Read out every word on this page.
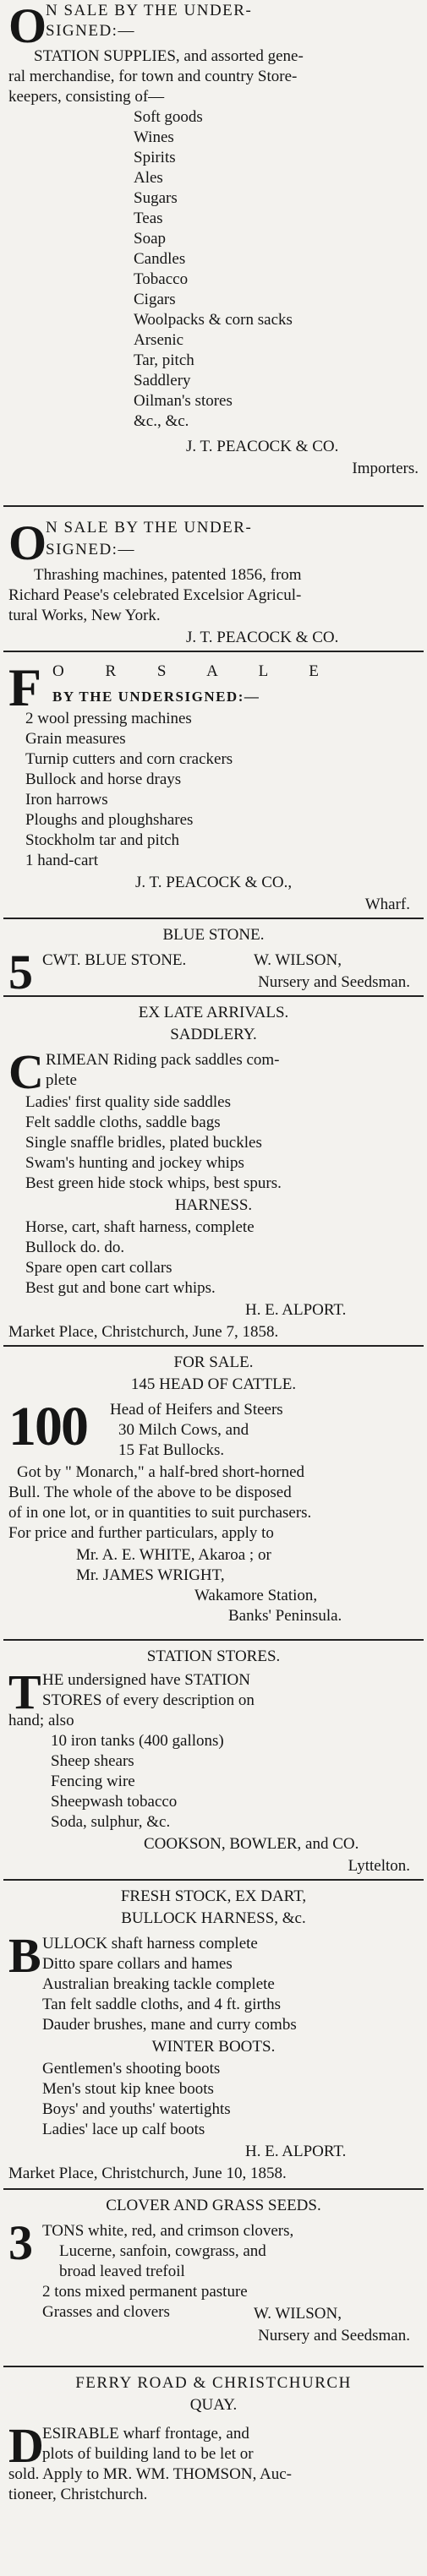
O
N SALE BY THE UNDER-
SIGNED:—
STATION SUPPLIES, and assorted gene-
ral merchandise, for town and country Store-
keepers, consisting of—
Soft goods
Wines
Spirits
Ales
Sugars
Teas
Soap
Candles
Tobacco
Cigars
Woolpacks & corn sacks
Arsenic
Tar, pitch
Saddlery
Oilman's stores
&c., &c.
J. T. PEACOCK & CO.
Importers.
O
N SALE BY THE UNDER-
SIGNED:—
Thrashing machines, patented 1856, from
Richard Pease's celebrated Excelsior Agricul-
tural Works, New York.
J. T. PEACOCK & CO.
F O R S A L E
BY THE UNDERSIGNED:—
2 wool pressing machines
Grain measures
Turnip cutters and corn crackers
Bullock and horse drays
Iron harrows
Ploughs and ploughshares
Stockholm tar and pitch
1 hand-cart
J. T. PEACOCK & CO.,
Wharf.
BLUE STONE.
5 CWT. BLUE STONE.	W. WILSON,
Nursery and Seedsman.
EX LATE ARRIVALS.
SADDLERY.
C RIMEAN Riding pack saddles com-
plete
Ladies' first quality side saddles
Felt saddle cloths, saddle bags
Single snaffle bridles, plated buckles
Swam's hunting and jockey whips
Best green hide stock whips, best spurs.
HARNESS.
Horse, cart, shaft harness, complete
Bullock do. do.
Spare open cart collars
Best gut and bone cart whips.
H. E. ALPORT.
Market Place, Christchurch, June 7, 1858.
FOR SALE.
145 HEAD OF CATTLE.
100 Head of Heifers and Steers
30 Milch Cows, and
15 Fat Bullocks.
Got by " Monarch," a half-bred short-horned
Bull. The whole of the above to be disposed
of in one lot, or in quantities to suit purchasers.
For price and further particulars, apply to
Mr. A. E. WHITE, Akaroa ; or
Mr. JAMES WRIGHT,
Wakamore Station,
Banks' Peninsula.
STATION STORES.
T HE undersigned have STATION
STORES of every description on
hand; also
10 iron tanks (400 gallons)
Sheep shears
Fencing wire
Sheepwash tobacco
Soda, sulphur, &c.
COOKSON, BOWLER, and CO.
Lyttelton.
FRESH STOCK, EX DART,
BULLOCK HARNESS, &c.
B ULLOCK shaft harness complete
Ditto spare collars and hames
Australian breaking tackle complete
Tan felt saddle cloths, and 4 ft. girths
Dauder brushes, mane and curry combs
WINTER BOOTS.
Gentlemen's shooting boots
Men's stout kip knee boots
Boys' and youths' watertights
Ladies' lace up calf boots
H. E. ALPORT.
Market Place, Christchurch, June 10, 1858.
CLOVER AND GRASS SEEDS.
3 TONS white, red, and crimson clovers,
Lucerne, sanfoin, cowgrass, and
broad leaved trefoil
2 tons mixed permanent pasture
Grasses and clovers	W. WILSON,
Nursery and Seedsman.
FERRY ROAD & CHRISTCHURCH
QUAY.
D
ESIRABLE wharf frontage, and
plots of building land to be let or
sold. Apply to MR. WM. THOMSON, Auc-
tioneer, Christchurch.
